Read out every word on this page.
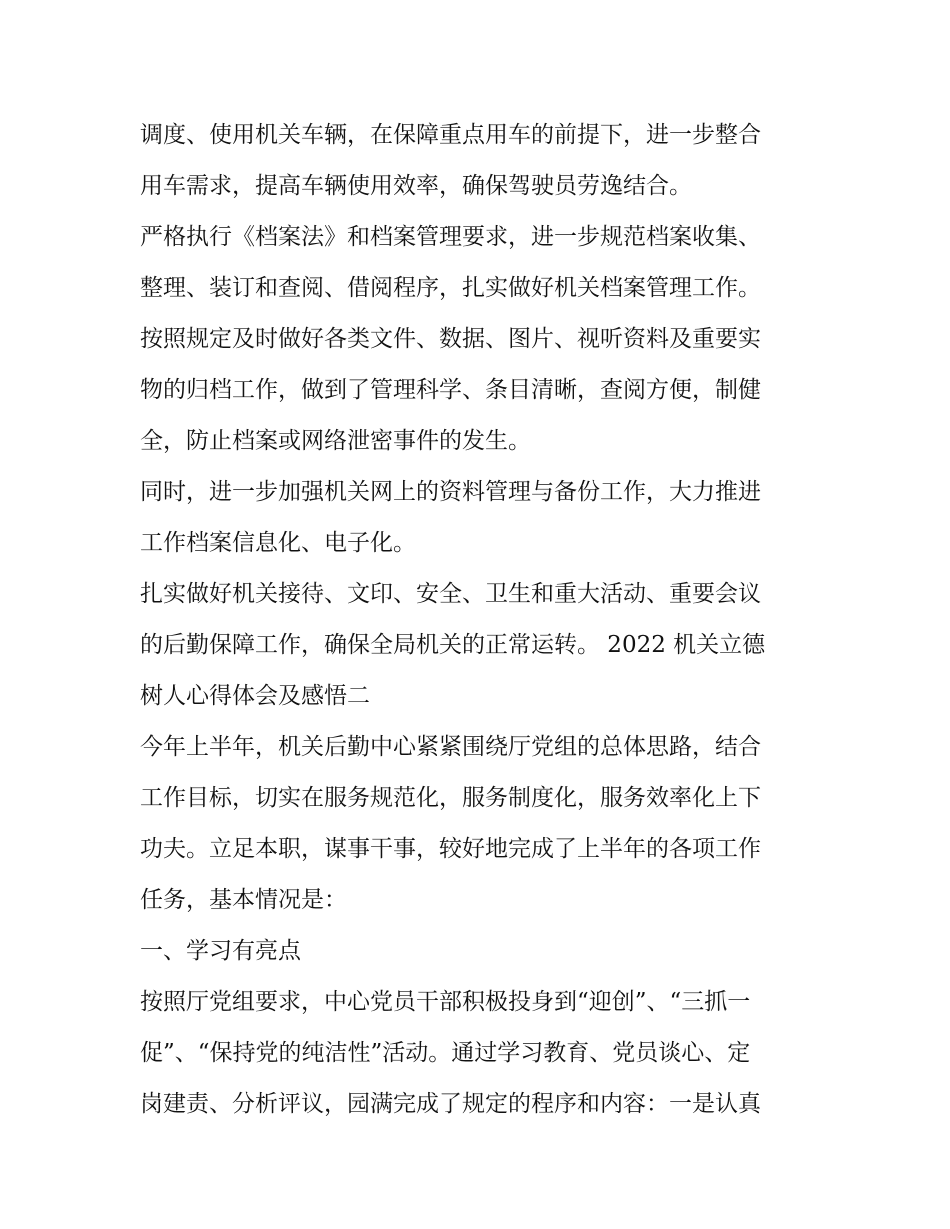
调度、使用机关车辆，在保障重点用车的前提下，进一步整合
用车需求，提高车辆使用效率，确保驾驶员劳逸结合。
严格执行《档案法》和档案管理要求，进一步规范档案收集、
整理、装订和查阅、借阅程序，扎实做好机关档案管理工作。
按照规定及时做好各类文件、数据、图片、视听资料及重要实
物的归档工作，做到了管理科学、条目清晰，查阅方便，制健
全，防止档案或网络泄密事件的发生。
同时，进一步加强机关网上的资料管理与备份工作，大力推进
工作档案信息化、电子化。
扎实做好机关接待、文印、安全、卫生和重大活动、重要会议
的后勤保障工作，确保全局机关的正常运转。 2022 机关立德
树人心得体会及感悟二
今年上半年，机关后勤中心紧紧围绕厅党组的总体思路，结合
工作目标，切实在服务规范化，服务制度化，服务效率化上下
功夫。立足本职，谋事干事，较好地完成了上半年的各项工作
任务，基本情况是：
一、学习有亮点
按照厅党组要求，中心党员干部积极投身到“迎创”、“三抓一
促”、“保持党的纯洁性”活动。通过学习教育、党员谈心、定
岗建责、分析评议，园满完成了规定的程序和内容：一是认真
